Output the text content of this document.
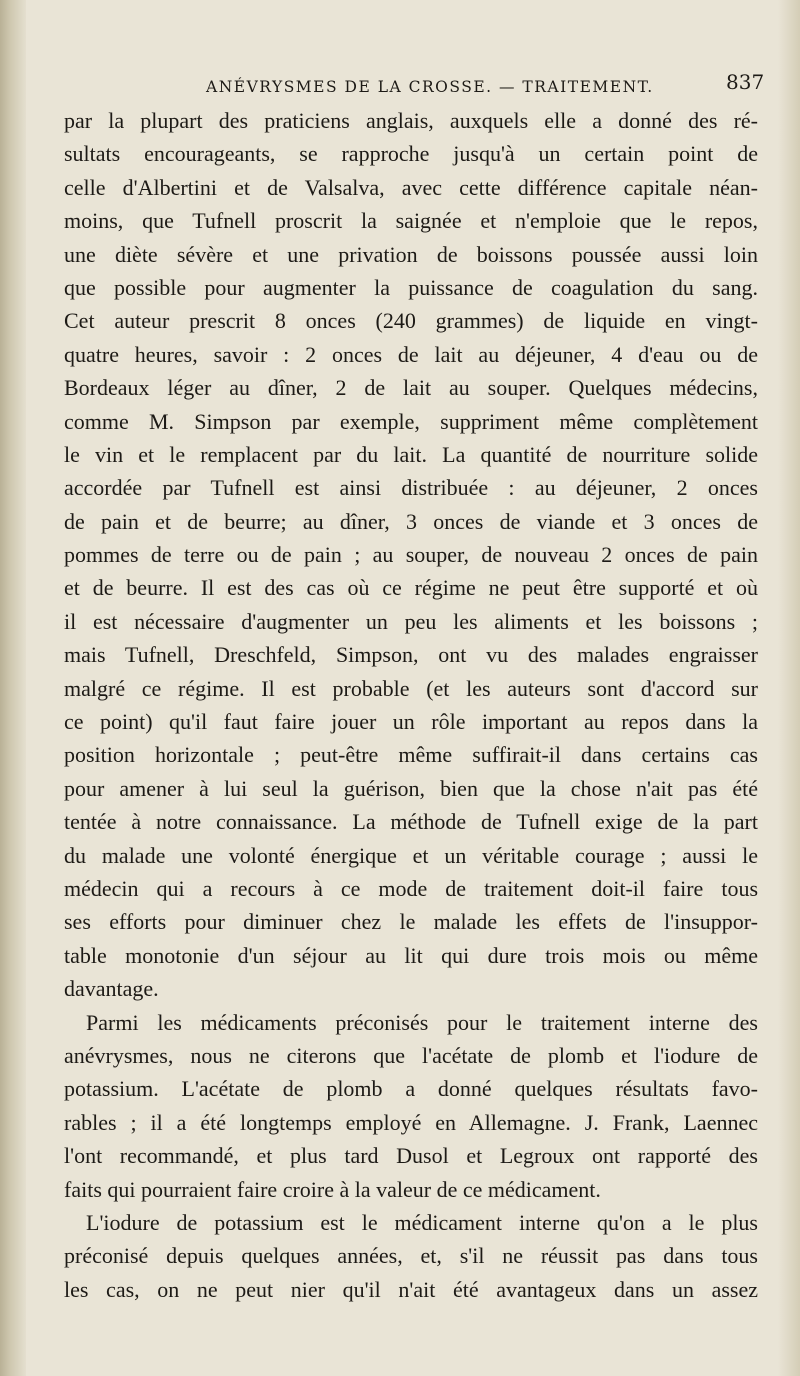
ANÉVRYSMES DE LA CROSSE. — TRAITEMENT.	837
par la plupart des praticiens anglais, auxquels elle a donné des ré-
sultats encourageants, se rapproche jusqu'à un certain point de
celle d'Albertini et de Valsalva, avec cette différence capitale néan-
moins, que Tufnell proscrit la saignée et n'emploie que le repos,
une diète sévère et une privation de boissons poussée aussi loin
que possible pour augmenter la puissance de coagulation du sang.
Cet auteur prescrit 8 onces (240 grammes) de liquide en vingt-
quatre heures, savoir : 2 onces de lait au déjeuner, 4 d'eau ou de
Bordeaux léger au dîner, 2 de lait au souper. Quelques médecins,
comme M. Simpson par exemple, suppriment même complètement
le vin et le remplacent par du lait. La quantité de nourriture solide
accordée par Tufnell est ainsi distribuée : au déjeuner, 2 onces
de pain et de beurre; au dîner, 3 onces de viande et 3 onces de
pommes de terre ou de pain ; au souper, de nouveau 2 onces de pain
et de beurre. Il est des cas où ce régime ne peut être supporté et où
il est nécessaire d'augmenter un peu les aliments et les boissons ;
mais Tufnell, Dreschfeld, Simpson, ont vu des malades engraisser
malgré ce régime. Il est probable (et les auteurs sont d'accord sur
ce point) qu'il faut faire jouer un rôle important au repos dans la
position horizontale ; peut-être même suffirait-il dans certains cas
pour amener à lui seul la guérison, bien que la chose n'ait pas été
tentée à notre connaissance. La méthode de Tufnell exige de la part
du malade une volonté énergique et un véritable courage ; aussi le
médecin qui a recours à ce mode de traitement doit-il faire tous
ses efforts pour diminuer chez le malade les effets de l'insuppor-
table monotonie d'un séjour au lit qui dure trois mois ou même
davantage.
Parmi les médicaments préconisés pour le traitement interne des
anévrysmes, nous ne citerons que l'acétate de plomb et l'iodure de
potassium. L'acétate de plomb a donné quelques résultats favo-
rables ; il a été longtemps employé en Allemagne. J. Frank, Laennec
l'ont recommandé, et plus tard Dusol et Legroux ont rapporté des
faits qui pourraient faire croire à la valeur de ce médicament.
L'iodure de potassium est le médicament interne qu'on a le plus
préconisé depuis quelques années, et, s'il ne réussit pas dans tous
les cas, on ne peut nier qu'il n'ait été avantageux dans un assez
